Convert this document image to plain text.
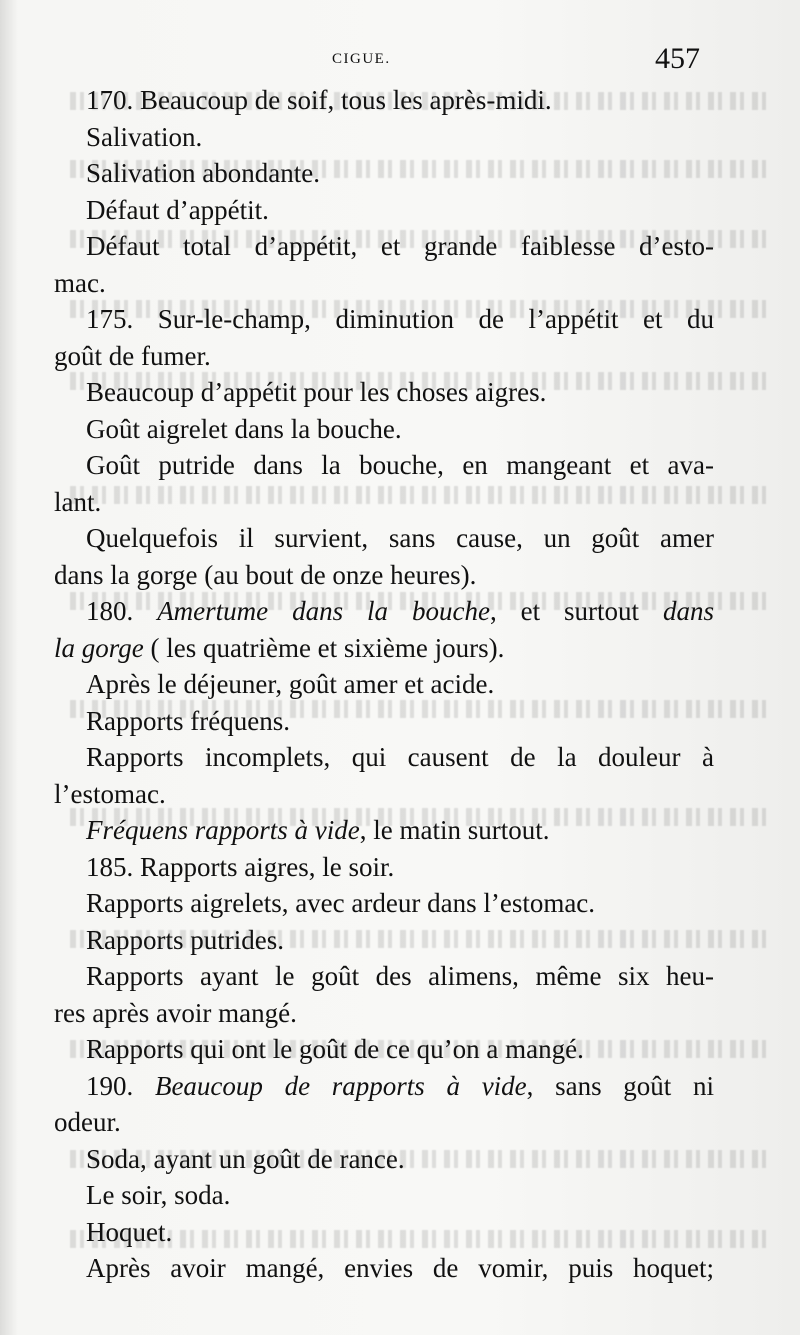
CIGUE.	457
170. Beaucoup de soif, tous les après-midi.
Salivation.
Salivation abondante.
Défaut d’appétit.
Défaut total d’appétit, et grande faiblesse d’esto-
mac.
175. Sur-le-champ, diminution de l’appétit et du
goût de fumer.
Beaucoup d’appétit pour les choses aigres.
Goût aigrelet dans la bouche.
Goût putride dans la bouche, en mangeant et ava-
lant.
Quelquefois il survient, sans cause, un goût amer
dans la gorge (au bout de onze heures).
180. Amertume dans la bouche, et surtout dans
la gorge ( les quatrième et sixième jours).
Après le déjeuner, goût amer et acide.
Rapports fréquens.
Rapports incomplets, qui causent de la douleur à
l’estomac.
Fréquens rapports à vide, le matin surtout.
185. Rapports aigres, le soir.
Rapports aigrelets, avec ardeur dans l’estomac.
Rapports putrides.
Rapports ayant le goût des alimens, même six heu-
res après avoir mangé.
Rapports qui ont le goût de ce qu’on a mangé.
190. Beaucoup de rapports à vide, sans goût ni
odeur.
Soda, ayant un goût de rance.
Le soir, soda.
Hoquet.
Après avoir mangé, envies de vomir, puis hoquet;
